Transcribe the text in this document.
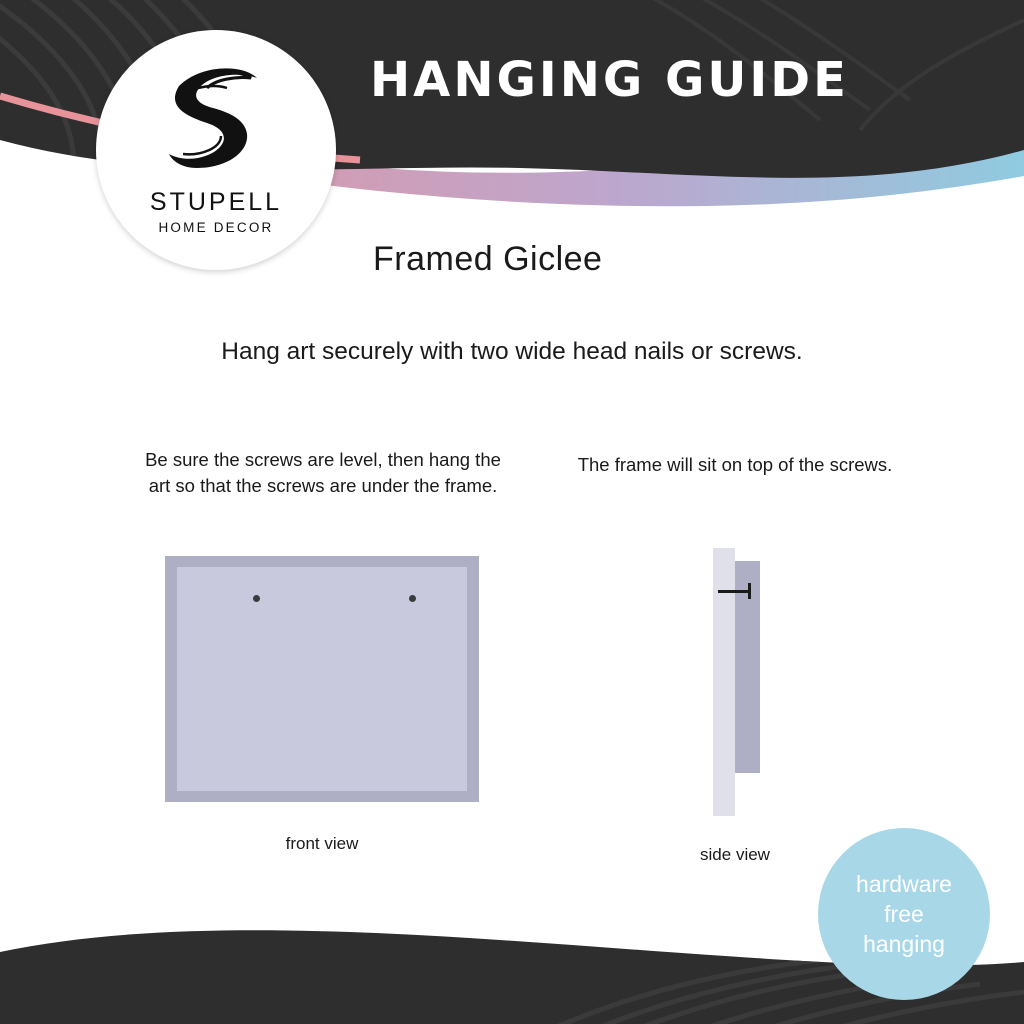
STUPELL
HOME DECOR
HANGING GUIDE
Framed Giclee
Hang art securely with two wide head nails or screws.
Be sure the screws are level, then hang the art so that the screws are under the frame.
front view
The frame will sit on top of the screws.
side view
hardware
free
hanging
